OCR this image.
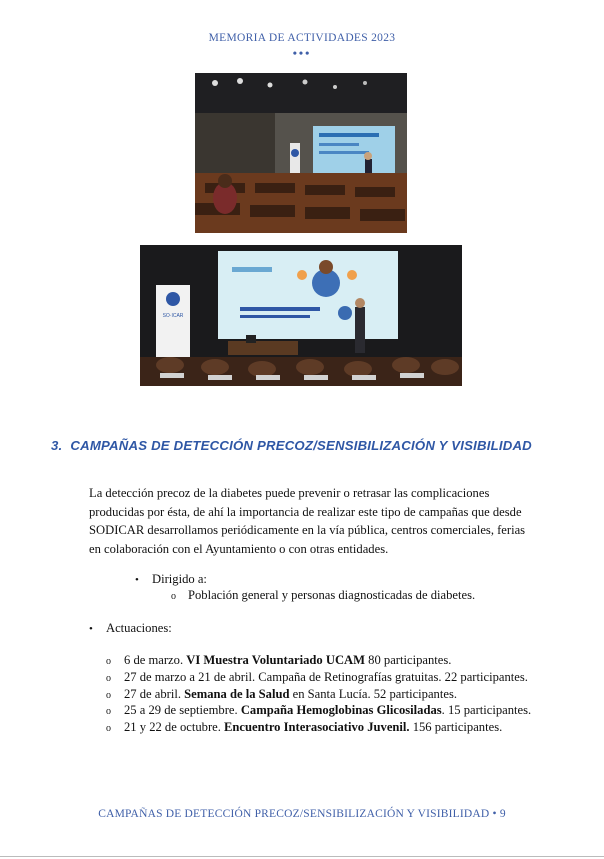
MEMORIA DE ACTIVIDADES 2023
•••
SO·ICAR
3. CAMPAÑAS DE DETECCIÓN PRECOZ/SENSIBILIZACIÓN Y VISIBILIDAD
La detección precoz de la diabetes puede prevenir o retrasar las complicaciones producidas por ésta, de ahí la importancia de realizar este tipo de campañas que desde SODICAR desarrollamos periódicamente en la vía pública, centros comerciales, ferias en colaboración con el Ayuntamiento o con otras entidades.
•	Dirigido a:
o Población general y personas diagnosticadas de diabetes.
• Actuaciones:
o	6 de marzo. VI Muestra Voluntariado UCAM 80 participantes.
o	27 de marzo a 21 de abril. Campaña de Retinografías gratuitas. 22 participantes.
o	27 de abril. Semana de la Salud en Santa Lucía. 52 participantes.
o	25 a 29 de septiembre. Campaña Hemoglobinas Glicosiladas. 15 participantes.
o	21 y 22 de octubre. Encuentro Interasociativo Juvenil. 156 participantes.
CAMPAÑAS DE DETECCIÓN PRECOZ/SENSIBILIZACIÓN Y VISIBILIDAD • 9
